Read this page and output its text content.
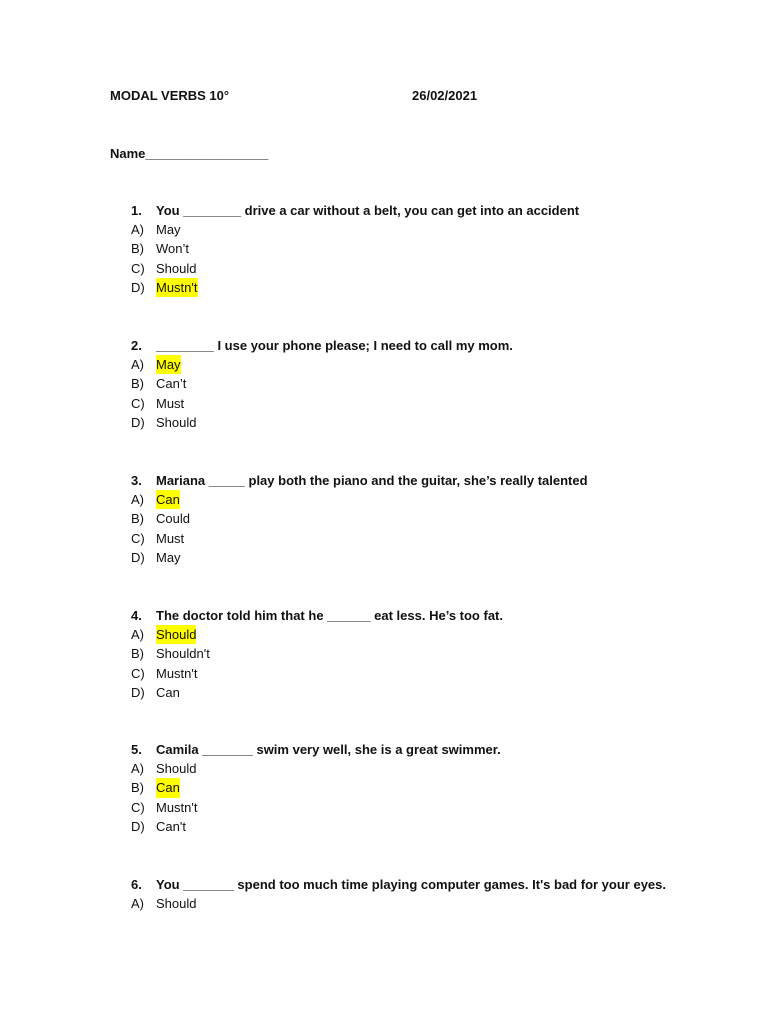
MODAL VERBS 10°	26/02/2021
Name_________________
1.	You ________ drive a car without a belt, you can get into an accident
A) May
B) Won’t
C) Should
D) Mustn't
2.	________ I use your phone please; I need to call my mom.
A) May
B) Can’t
C) Must
D) Should
3.	Mariana _____ play both the piano and the guitar, she’s really talented
A) Can
B) Could
C) Must
D) May
4.	The doctor told him that he ______ eat less. He’s too fat.
A) Should
B) Shouldn't
C) Mustn't
D) Can
5.	Camila _______ swim very well, she is a great swimmer.
A) Should
B) Can
C) Mustn't
D) Can't
6.	You _______ spend too much time playing computer games. It's bad for your eyes.
A) Should
